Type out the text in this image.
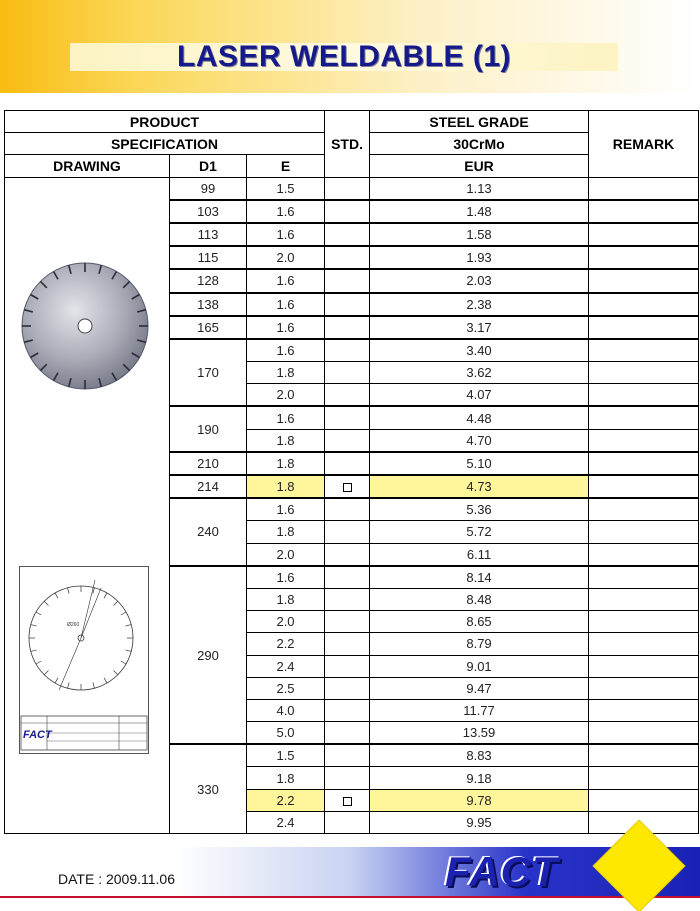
LASER WELDABLE (1)
PRODUCT			STD.	STEEL GRADE	REMARK
SPECIFICATION				30CrMo	
DRAWING	D1	E		EUR	

Ø260
FACT	99	1.5		1.13	
	103	1.6		1.48	
	113	1.6		1.58	
	115	2.0		1.93	
	128	1.6		2.03	
	138	1.6		2.38	
	165	1.6		3.17	
	170	1.6		3.40	
		1.8		3.62	
		2.0		4.07	
	190	1.6		4.48	
		1.8		4.70	
	210	1.8		5.10	
	214	1.8		4.73	
	240	1.6		5.36	
		1.8		5.72	
		2.0		6.11	
	290	1.6		8.14	
		1.8		8.48	
		2.0		8.65	
		2.2		8.79	
		2.4		9.01	
		2.5		9.47	
		4.0		11.77	
		5.0		13.59	
	330	1.5		8.83	
		1.8		9.18	
		2.2		9.78	
		2.4		9.95	
DATE : 2009.11.06	FACT
